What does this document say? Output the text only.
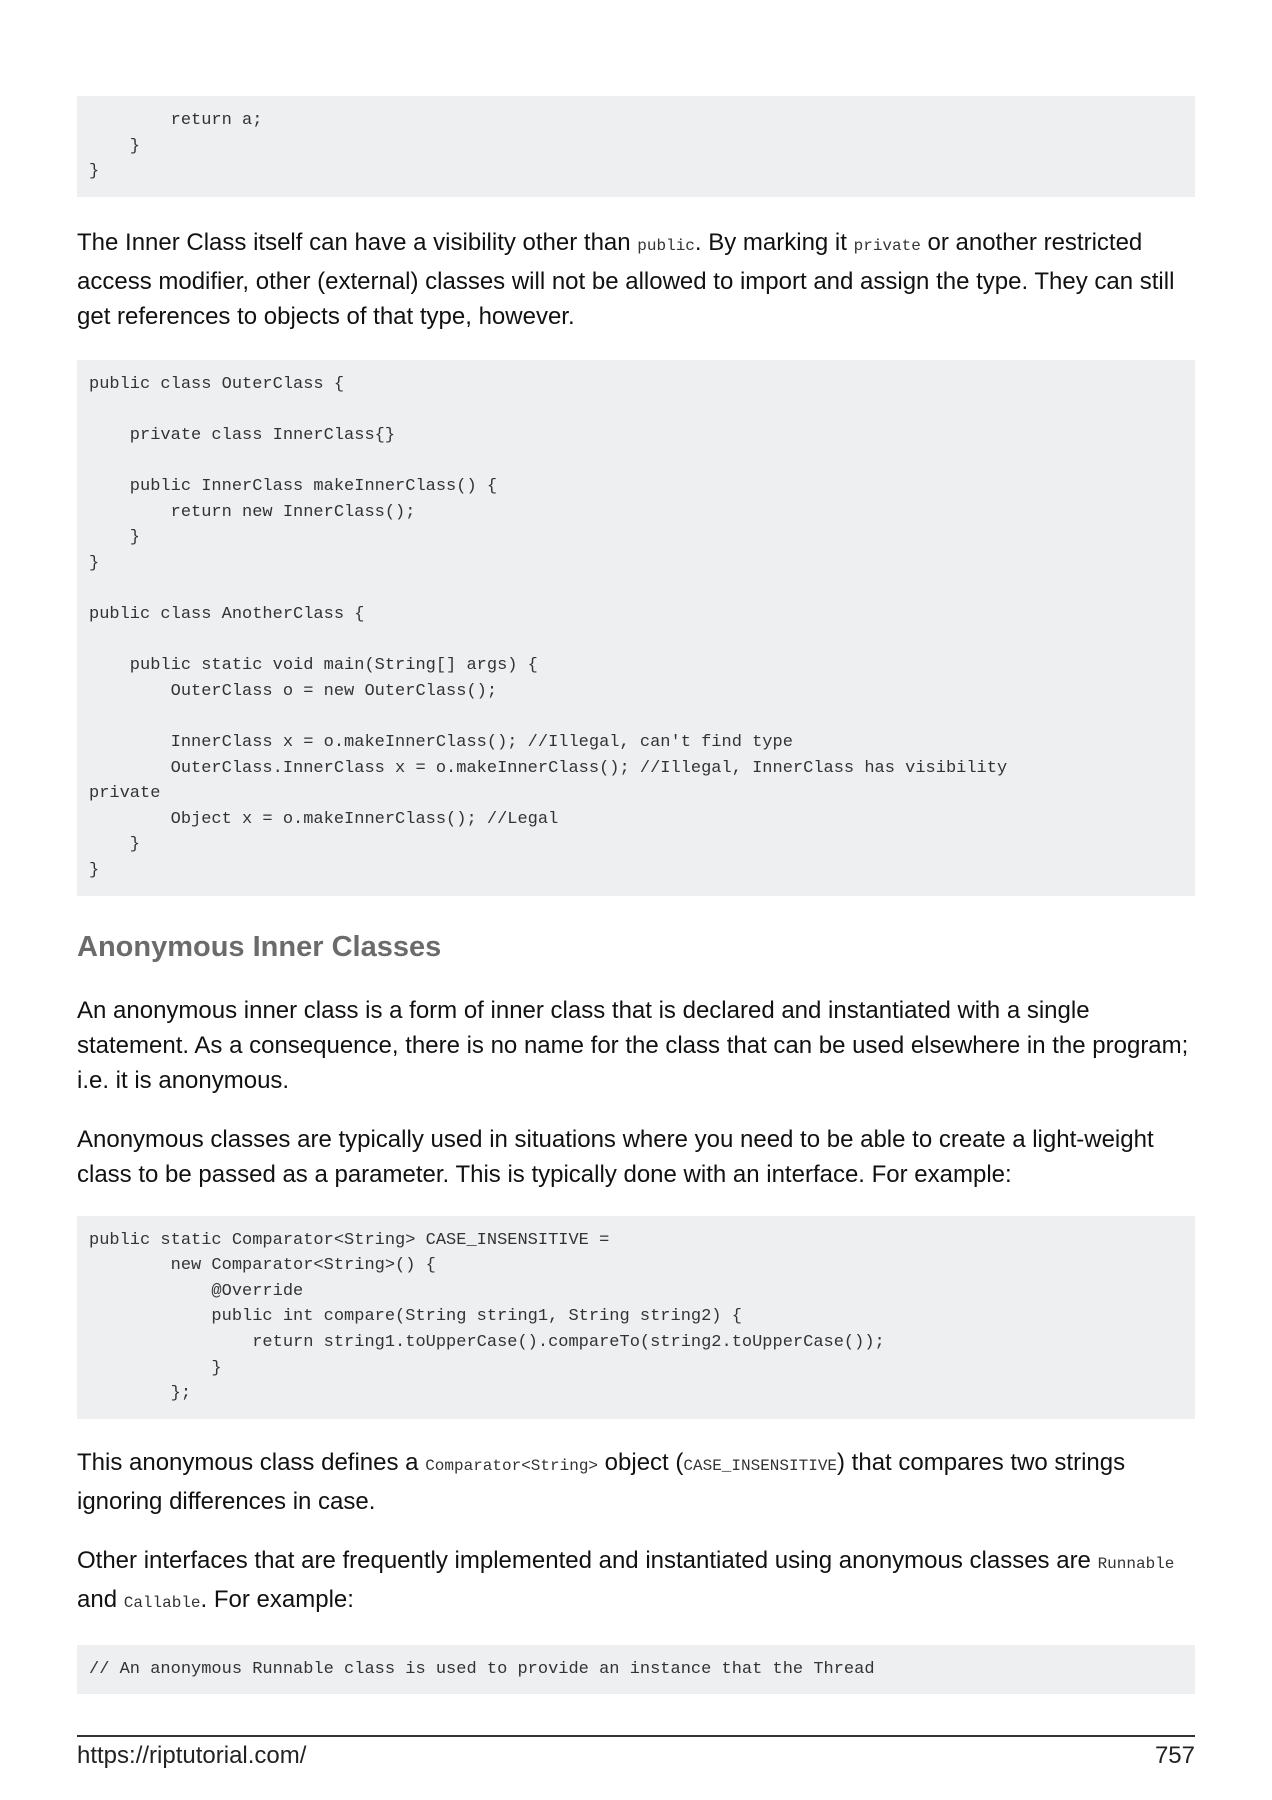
return a;
}
}

The Inner Class itself can have a visibility other than public. By marking it private or another restricted access modifier, other (external) classes will not be allowed to import and assign the type. They can still get references to objects of that type, however.

public class OuterClass {

private class InnerClass{}

public InnerClass makeInnerClass() {
return new InnerClass();
}
}

public class AnotherClass {

public static void main(String[] args) {
OuterClass o = new OuterClass();

InnerClass x = o.makeInnerClass(); //Illegal, can't find type
OuterClass.InnerClass x = o.makeInnerClass(); //Illegal, InnerClass has visibility
private
Object x = o.makeInnerClass(); //Legal
}
}
Anonymous Inner Classes

An anonymous inner class is a form of inner class that is declared and instantiated with a single statement. As a consequence, there is no name for the class that can be used elsewhere in the program; i.e. it is anonymous.

Anonymous classes are typically used in situations where you need to be able to create a light-weight class to be passed as a parameter. This is typically done with an interface. For example:

public static Comparator<String> CASE_INSENSITIVE =
new Comparator<String>() {
@Override
public int compare(String string1, String string2) {
return string1.toUpperCase().compareTo(string2.toUpperCase());
}
};

This anonymous class defines a Comparator<String> object (CASE_INSENSITIVE) that compares two strings ignoring differences in case.

Other interfaces that are frequently implemented and instantiated using anonymous classes are Runnable and Callable. For example:

// An anonymous Runnable class is used to provide an instance that the Thread
https://riptutorial.com/	757
